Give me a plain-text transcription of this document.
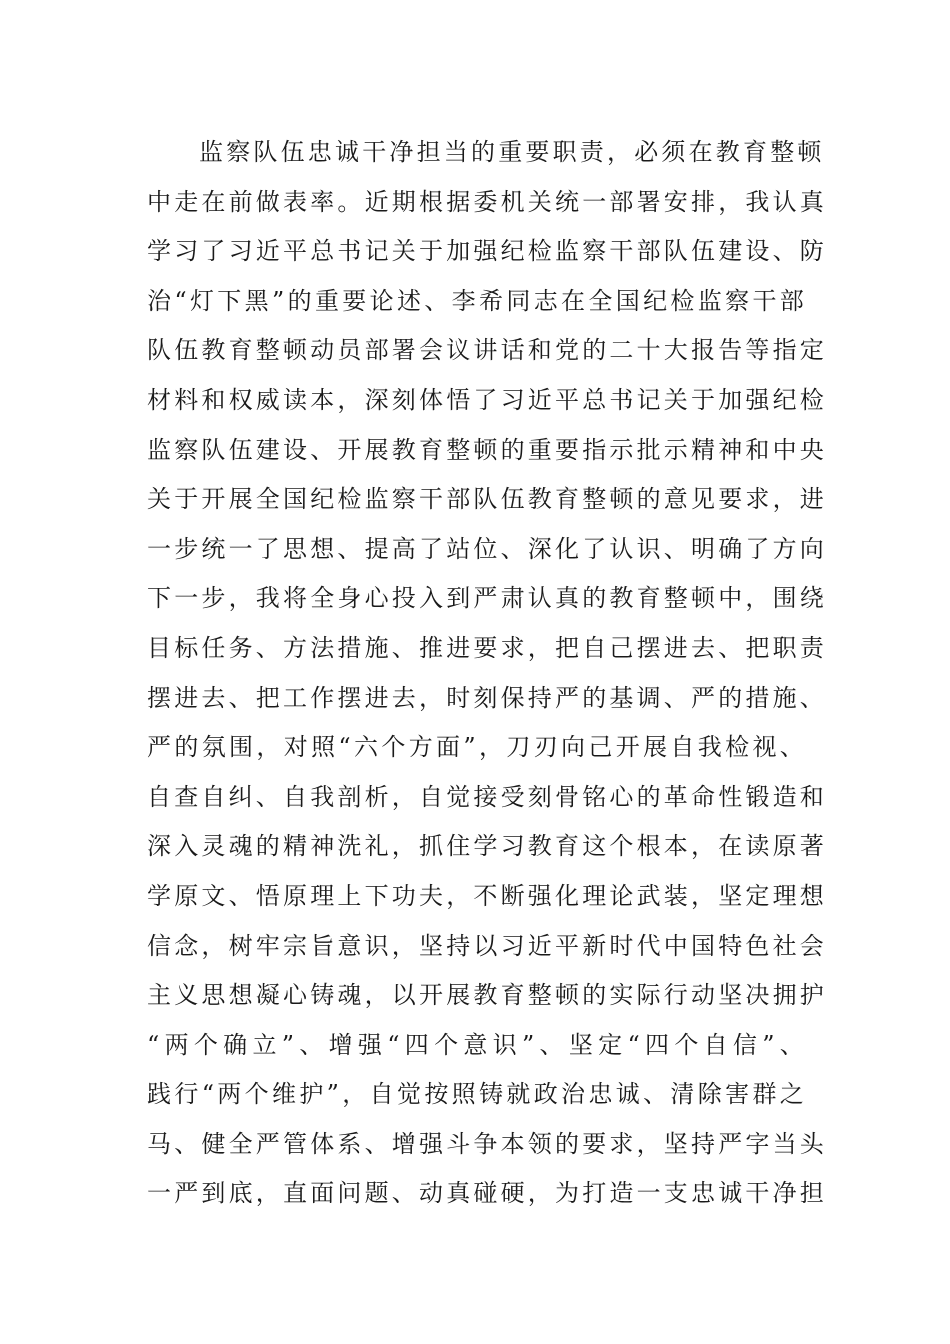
监察队伍忠诚干净担当的重要职责，必须在教育整顿
中走在前做表率。近期根据委机关统一部署安排，我认真
学习了习近平总书记关于加强纪检监察干部队伍建设、防
治“灯下黑”的重要论述、李希同志在全国纪检监察干部
队伍教育整顿动员部署会议讲话和党的二十大报告等指定
材料和权威读本，深刻体悟了习近平总书记关于加强纪检
监察队伍建设、开展教育整顿的重要指示批示精神和中央
关于开展全国纪检监察干部队伍教育整顿的意见要求，进
一步统一了思想、提高了站位、深化了认识、明确了方向
下一步，我将全身心投入到严肃认真的教育整顿中，围绕
目标任务、方法措施、推进要求，把自己摆进去、把职责
摆进去、把工作摆进去，时刻保持严的基调、严的措施、
严的氛围，对照“六个方面”，刀刃向己开展自我检视、
自查自纠、自我剖析，自觉接受刻骨铭心的革命性锻造和
深入灵魂的精神洗礼，抓住学习教育这个根本，在读原著
学原文、悟原理上下功夫，不断强化理论武装，坚定理想
信念，树牢宗旨意识，坚持以习近平新时代中国特色社会
主义思想凝心铸魂，以开展教育整顿的实际行动坚决拥护
“两个确立”、增强“四个意识”、坚定“四个自信”、
践行“两个维护”，自觉按照铸就政治忠诚、清除害群之
马、健全严管体系、增强斗争本领的要求，坚持严字当头
一严到底，直面问题、动真碰硬，为打造一支忠诚干净担
